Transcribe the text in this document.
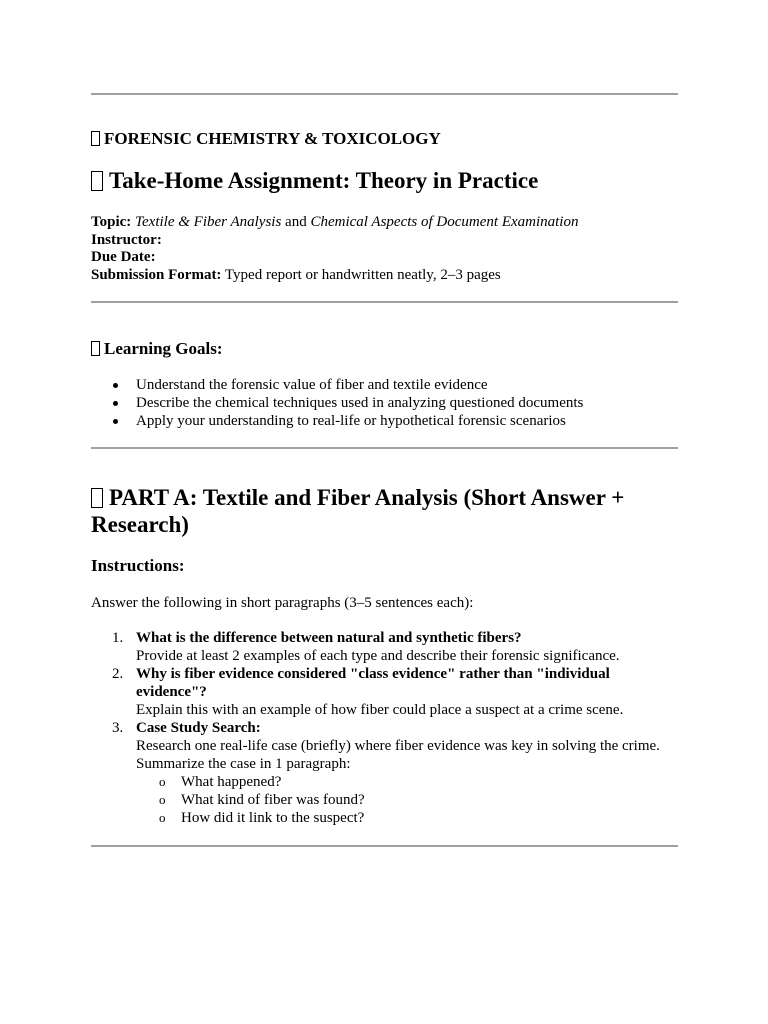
FORENSIC CHEMISTRY & TOXICOLOGY
Take-Home Assignment: Theory in Practice
Topic: Textile & Fiber Analysis and Chemical Aspects of Document Examination
Instructor:
Due Date:
Submission Format: Typed report or handwritten neatly, 2–3 pages
Learning Goals:
Understand the forensic value of fiber and textile evidence
Describe the chemical techniques used in analyzing questioned documents
Apply your understanding to real-life or hypothetical forensic scenarios
PART A: Textile and Fiber Analysis (Short Answer + Research)
Instructions:
Answer the following in short paragraphs (3–5 sentences each):
1. What is the difference between natural and synthetic fibers?
Provide at least 2 examples of each type and describe their forensic significance.
2. Why is fiber evidence considered "class evidence" rather than "individual evidence"?
Explain this with an example of how fiber could place a suspect at a crime scene.
3. Case Study Search:
Research one real-life case (briefly) where fiber evidence was key in solving the crime. Summarize the case in 1 paragraph:
o What happened?
o What kind of fiber was found?
o How did it link to the suspect?
